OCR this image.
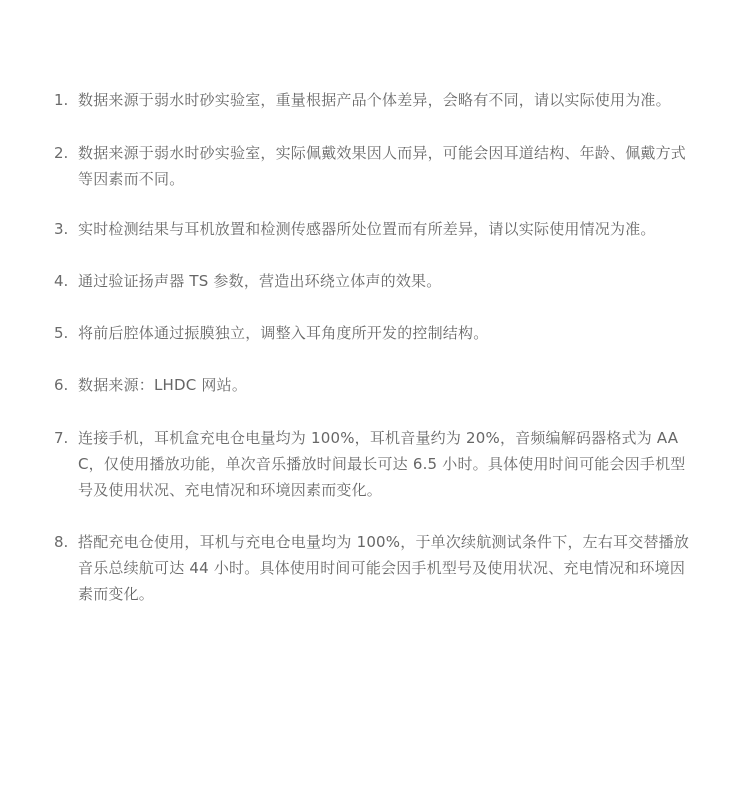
1. 数据来源于弱水时砂实验室，重量根据产品个体差异，会略有不同，请以实际使用为准。
2. 数据来源于弱水时砂实验室，实际佩戴效果因人而异，可能会因耳道结构、年龄、佩戴方式等因素而不同。
3. 实时检测结果与耳机放置和检测传感器所处位置而有所差异，请以实际使用情况为准。
4. 通过验证扬声器 TS 参数，营造出环绕立体声的效果。
5. 将前后腔体通过振膜独立，调整入耳角度所开发的控制结构。
6. 数据来源：LHDC 网站。
7. 连接手机，耳机盒充电仓电量均为 100%，耳机音量约为 20%，音频编解码器格式为 AAC，仅使用播放功能，单次音乐播放时间最长可达 6.5 小时。具体使用时间可能会因手机型号及使用状况、充电情况和环境因素而变化。
8. 搭配充电仓使用，耳机与充电仓电量均为 100%，于单次续航测试条件下，左右耳交替播放音乐总续航可达 44 小时。具体使用时间可能会因手机型号及使用状况、充电情况和环境因素而变化。
